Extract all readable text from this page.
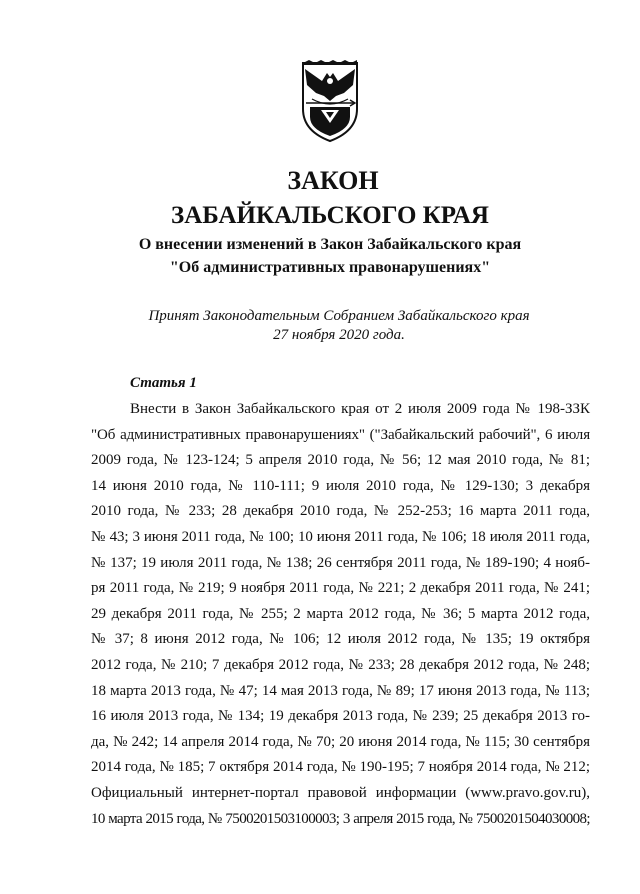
ЗАКОН
ЗАБАЙКАЛЬСКОГО КРАЯ
О внесении изменений в Закон Забайкальского края
"Об административных правонарушениях"
Принят Законодательным Собранием Забайкальского края
27 ноября 2020 года.
Статья 1
Внести в Закон Забайкальского края от 2 июля 2009 года № 198-ЗЗК
"Об административных правонарушениях" ("Забайкальский рабочий", 6 июля
2009 года, № 123-124; 5 апреля 2010 года, № 56; 12 мая 2010 года, № 81;
14 июня 2010 года, № 110-111; 9 июля 2010 года, № 129-130; 3 декабря
2010 года, № 233; 28 декабря 2010 года, № 252-253; 16 марта 2011 года,
№ 43; 3 июня 2011 года, № 100; 10 июня 2011 года, № 106; 18 июля 2011 года,
№ 137; 19 июля 2011 года, № 138; 26 сентября 2011 года, № 189-190; 4 нояб-
ря 2011 года, № 219; 9 ноября 2011 года, № 221; 2 декабря 2011 года, № 241;
29 декабря 2011 года, № 255; 2 марта 2012 года, № 36; 5 марта 2012 года,
№ 37; 8 июня 2012 года, № 106; 12 июля 2012 года, № 135; 19 октября
2012 года, № 210; 7 декабря 2012 года, № 233; 28 декабря 2012 года, № 248;
18 марта 2013 года, № 47; 14 мая 2013 года, № 89; 17 июня 2013 года, № 113;
16 июля 2013 года, № 134; 19 декабря 2013 года, № 239; 25 декабря 2013 го-
да, № 242; 14 апреля 2014 года, № 70; 20 июня 2014 года, № 115; 30 сентября
2014 года, № 185; 7 октября 2014 года, № 190-195; 7 ноября 2014 года, № 212;
Официальный интернет-портал правовой информации (www.pravo.gov.ru),
10 марта 2015 года, № 7500201503100003; 3 апреля 2015 года, № 7500201504030008;
